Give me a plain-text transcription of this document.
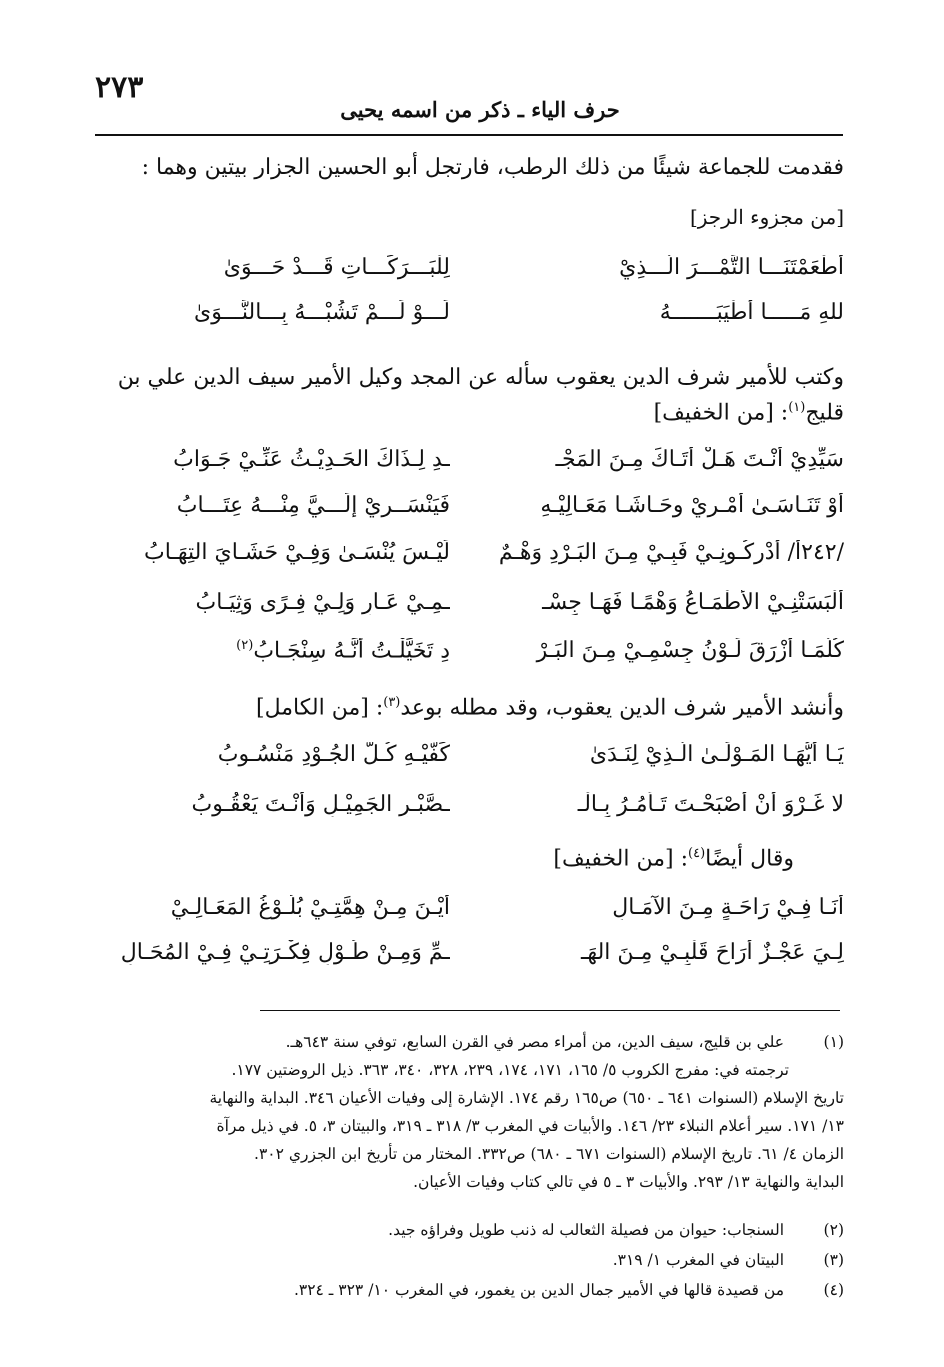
٢٧٣
حرف الياء ـ ذكر من اسمه يحيى
فقدمت للجماعة شيئًا من ذلك الرطب، فارتجل أبو الحسين الجزار بيتين وهما :
[من مجزوء الرجز]
أطْعَمْتَنَـــا التَّمْـــرَ الَّـــذِيْ
لِلْبَـــرَكَـــاتِ قَـــدْ حَـــوَىٰ
للهِ مَـــــا أطْيَبَـــــــهُ
لَـــوْ لَـــمْ تَشُبْـــهُ بِـــالنَّـــوَىٰ
وكتب للأمير شرف الدين يعقوب سأله عن المجد وكيل الأمير سيف الدين علي بن
قليج$^{(١)}$: [من الخفيف]
سَيِّدِيْ أنْـتَ هَـلْ أتَـاكَ مِـنَ المَجْـ
ـدِ لِـذَاكَ الحَـدِيْـثُ عَنِّـيْ جَـوَابُ
أوْ تَنَـاسَـىٰ أمْـرِيْ وحَـاشَـا مَعَـالِيْـهِ
فَيَنْسَــرِيْ إلَـــيَّ مِنْـــهُ عِتَـــابُ
/٢٤٢أ/ أدْرِكُـونِـيْ فَبِـيْ مِـنَ البَـرْدِ وَهْـمٌ
لَيْـسَ يُنْسَـىٰ وَفِـيْ حَشَـايَ التِهَـابُ
ألْبَسَتْنِـيْ الأطْمَـاعُ وَهْمًـا فَهَـا جِسْـ
ـمِـيْ عَـارٍ وَلِـيْ فِـرًى وَثِيَـابُ
كُلَّمَـا أزْرَقَ لَـوْنُ جِسْمِـيْ مِـنَ البَـرْ
دِ تَخَيَّلْـتُ أنَّـهُ سِنْجَـابُ$^{(٢)}$
وأنشد الأمير شرف الدين يعقوب، وقد مطله بوعد$^{(٣)}$: [من الكامل]
يَـا أيُّهَـا المَـوْلَـىٰ الَّـذِيْ لِنَـدَىٰ
كَفَّيْـهِ كُـلُّ الجُـوْدِ مَنْسُـوبُ
لا غَـرْوَ أنْ أصْبَحْـتَ تَـأْمُـرُ بِـالْـ
ـصَّبْـرِ الجَمِيْـلِ وَأنْـتَ يَعْقُـوبُ
وقال أيضًا$^{(٤)}$: [من الخفيف]
أنَـا فِـيْ رَاحَـةٍ مِـنَ الآمَـالِ
أيْـنَ مِـنْ هِمَّتِـيْ بُلُـوْغُ المَعَـالِـيْ
لِـيَ عَجْـزٌ أرَاحَ قَلْبِـيْ مِـنَ الهَـ
ـمِّ وَمِـنْ طُـوْلِ فِكْـرَتِـيْ فِـيْ المُحَـالِ
(١)
علي بن قليج، سيف الدين، من أمراء مصر في القرن السابع، توفي سنة ٦٤٣هـ.
ترجمته في: مفرج الكروب ٥/ ١٦٥، ١٧١، ١٧٤، ٢٣٩، ٣٢٨، ٣٤٠، ٣٦٣. ذيل الروضتين ١٧٧.
تاريخ الإسلام (السنوات ٦٤١ ـ ٦٥٠) ص١٦٥ رقم ١٧٤. الإشارة إلى وفيات الأعيان ٣٤٦. البداية والنهاية
١٣/ ١٧١. سير أعلام النبلاء ٢٣/ ١٤٦. والأبيات في المغرب ٣/ ٣١٨ ـ ٣١٩، والبيتان ٣، ٥. في ذيل مرآة
الزمان ٤/ ٦١. تاريخ الإسلام (السنوات ٦٧١ ـ ٦٨٠) ص٣٣٢. المختار من تأريخ ابن الجزري ٣٠٢.
البداية والنهاية ١٣/ ٢٩٣. والأبيات ٣ ـ ٥ في تالي كتاب وفيات الأعيان.
(٢)
السنجاب: حيوان من فصيلة الثعالب له ذنب طويل وفراؤه جيد.
(٣)
البيتان في المغرب ١/ ٣١٩.
(٤)
من قصيدة قالها في الأمير جمال الدين بن يغمور، في المغرب ١٠/ ٣٢٣ ـ ٣٢٤.
